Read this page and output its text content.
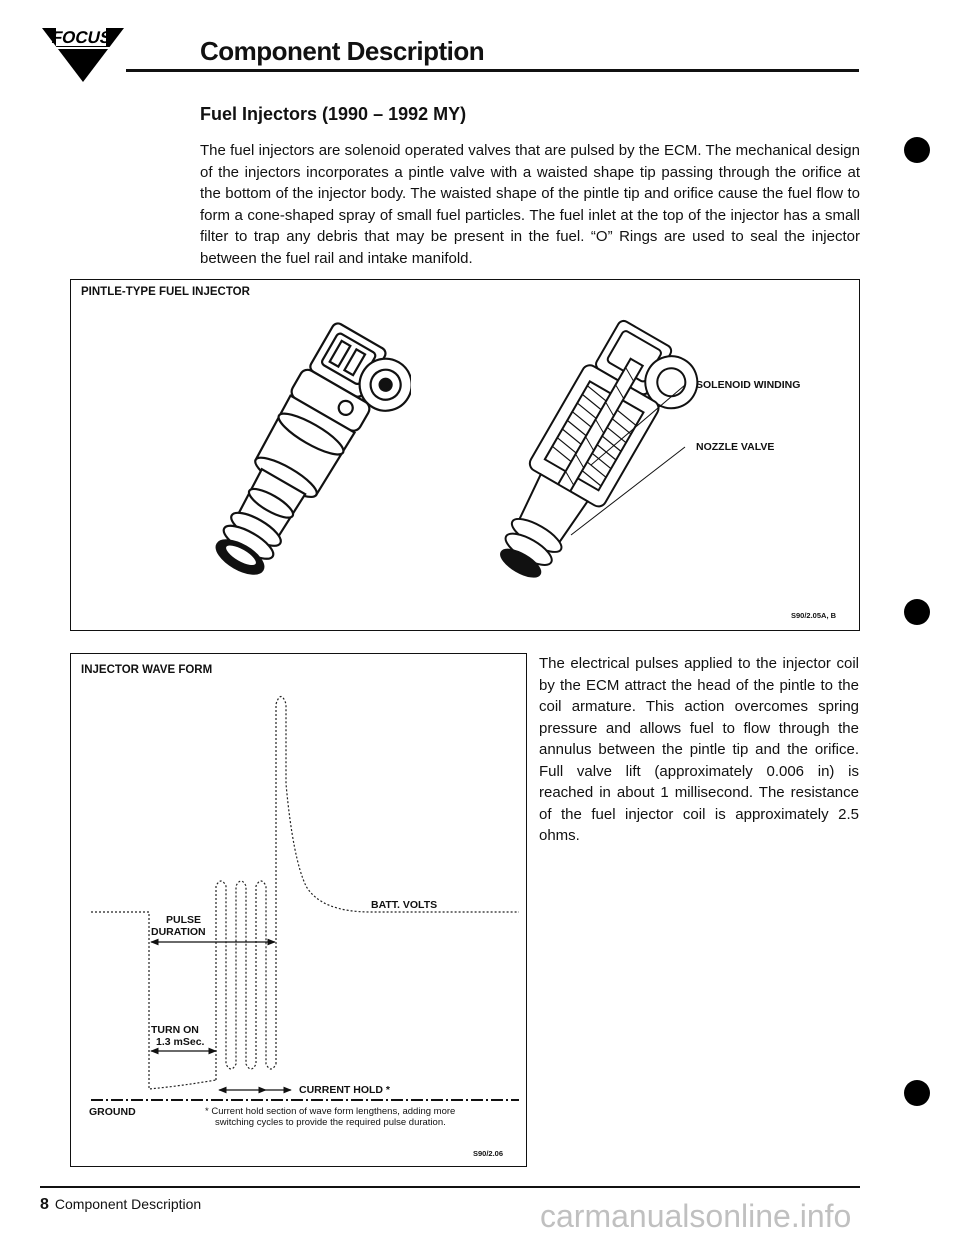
FOCUS	Component Description
Fuel Injectors (1990 – 1992 MY)
The fuel injectors are solenoid operated valves that are pulsed by the ECM. The mechanical design of the injectors incorporates a pintle valve with a waisted shape tip passing through the orifice at the bottom of the injector body. The waisted shape of the pintle tip and orifice cause the fuel flow to form a cone-shaped spray of small fuel particles. The fuel inlet at the top of the injector has a small filter to trap any debris that may be present in the fuel. “O” Rings are used to seal the injector between the fuel rail and intake manifold.
PINTLE-TYPE FUEL INJECTOR
SOLENOID WINDING
NOZZLE VALVE
S90/2.05A, B
INJECTOR WAVE FORM
BATT. VOLTS
PULSE
DURATION
TURN ON
1.3 mSec.
CURRENT HOLD *
GROUND	* Current hold section of wave form lengthens, adding more
switching cycles to provide the required pulse duration.
S90/2.06
The electrical pulses applied to the injector coil by the ECM attract the head of the pintle to the coil armature. This action overcomes spring pressure and allows fuel to flow through the annulus between the pintle tip and the orifice. Full valve lift (approximately 0.006 in) is reached in about 1 millisecond. The resistance of the fuel injector coil is approximately 2.5 ohms.
8 Component Description	carmanualsonline.info
